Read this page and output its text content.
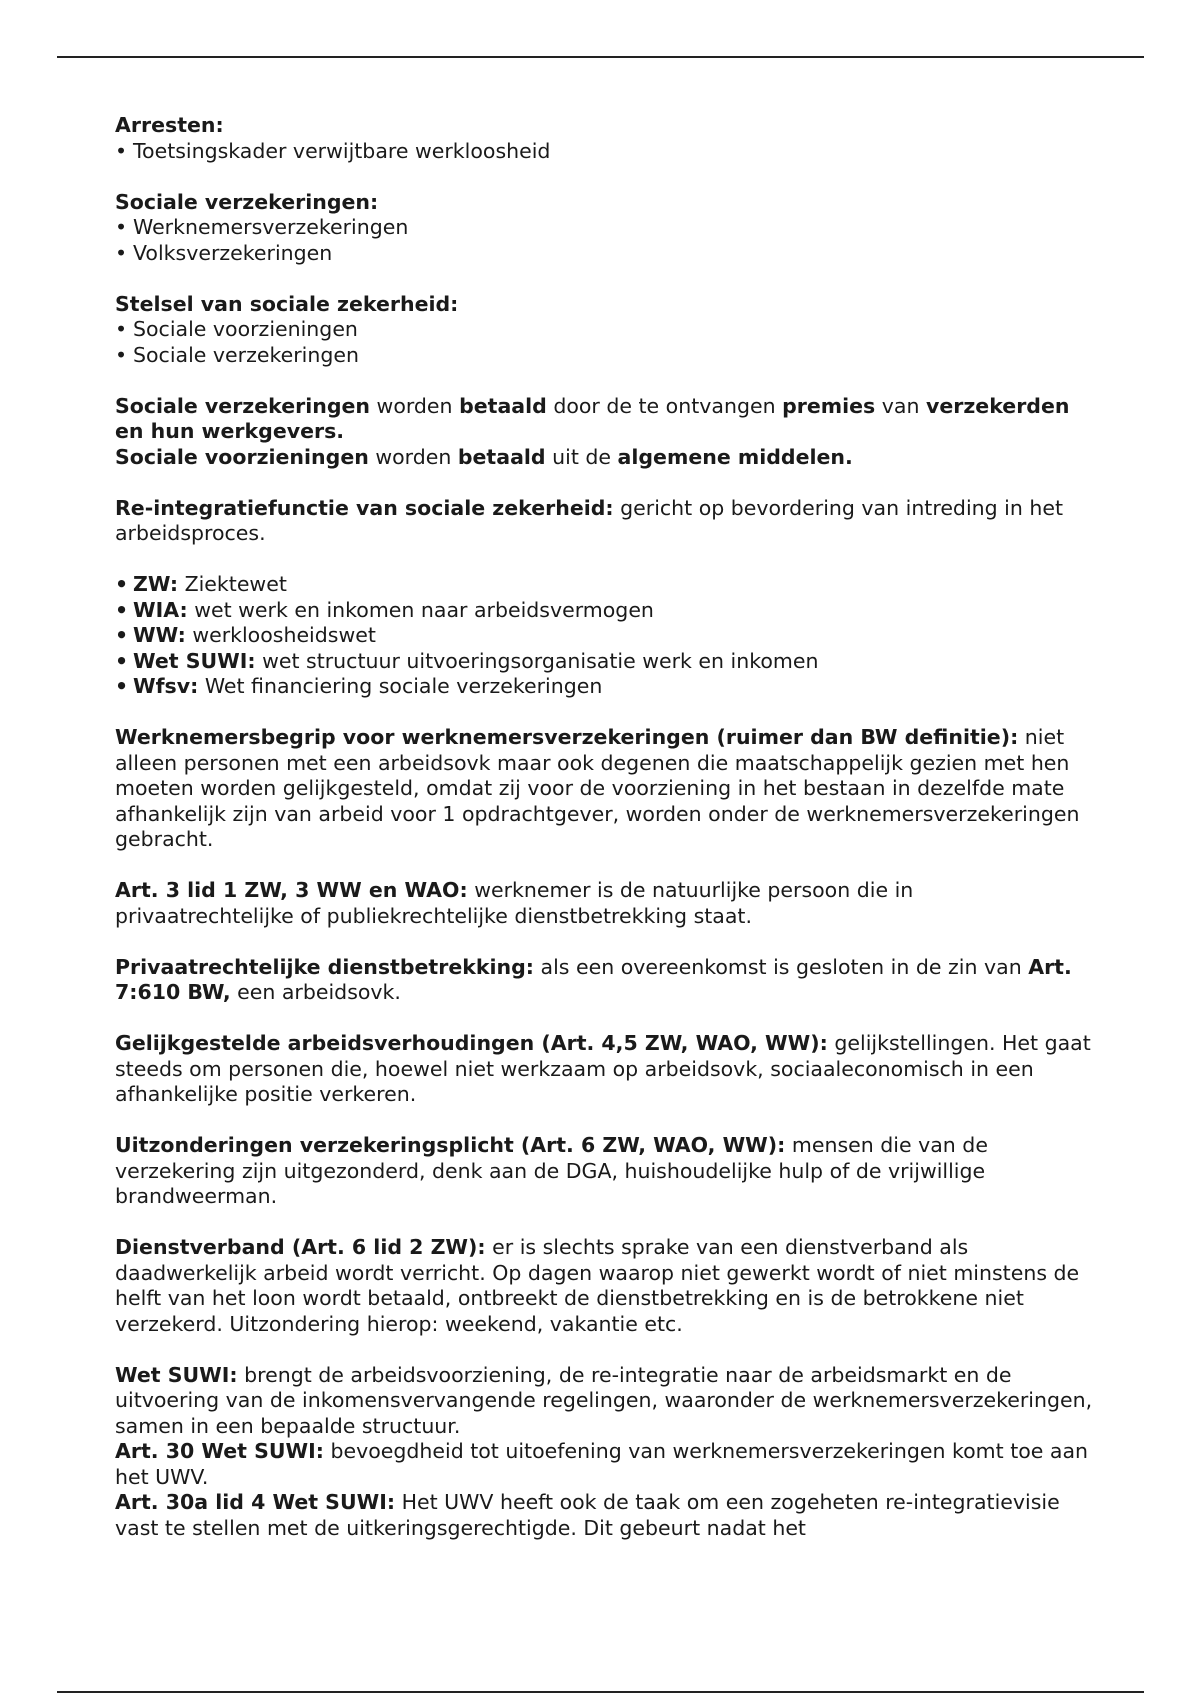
Arresten:

• Toetsingskader verwijtbare werkloosheid

Sociale verzekeringen:

• Werknemersverzekeringen
• Volksverzekeringen

Stelsel van sociale zekerheid:

• Sociale voorzieningen
• Sociale verzekeringen

Sociale verzekeringen worden betaald door de te ontvangen premies van verzekerden en hun werkgevers.

Sociale voorzieningen worden betaald uit de algemene middelen.

Re-integratiefunctie van sociale zekerheid: gericht op bevordering van intreding in het arbeidsproces.

• ZW: Ziektewet
• WIA: wet werk en inkomen naar arbeidsvermogen
• WW: werkloosheidswet
• Wet SUWI: wet structuur uitvoeringsorganisatie werk en inkomen
• Wfsv: Wet financiering sociale verzekeringen

Werknemersbegrip voor werknemersverzekeringen (ruimer dan BW definitie): niet alleen personen met een arbeidsovk maar ook degenen die maatschappelijk gezien met hen moeten worden gelijkgesteld, omdat zij voor de voorziening in het bestaan in dezelfde mate afhankelijk zijn van arbeid voor 1 opdrachtgever, worden onder de werknemersverzekeringen gebracht.

Art. 3 lid 1 ZW, 3 WW en WAO: werknemer is de natuurlijke persoon die in privaatrechtelijke of publiekrechtelijke dienstbetrekking staat.

Privaatrechtelijke dienstbetrekking: als een overeenkomst is gesloten in de zin van Art. 7:610 BW, een arbeidsovk.

Gelijkgestelde arbeidsverhoudingen (Art. 4,5 ZW, WAO, WW): gelijkstellingen. Het gaat steeds om personen die, hoewel niet werkzaam op arbeidsovk, sociaaleconomisch in een afhankelijke positie verkeren.

Uitzonderingen verzekeringsplicht (Art. 6 ZW, WAO, WW): mensen die van de verzekering zijn uitgezonderd, denk aan de DGA, huishoudelijke hulp of de vrijwillige brandweerman.

Dienstverband (Art. 6 lid 2 ZW): er is slechts sprake van een dienstverband als daadwerkelijk arbeid wordt verricht. Op dagen waarop niet gewerkt wordt of niet minstens de helft van het loon wordt betaald, ontbreekt de dienstbetrekking en is de betrokkene niet verzekerd. Uitzondering hierop: weekend, vakantie etc.

Wet SUWI: brengt de arbeidsvoorziening, de re-integratie naar de arbeidsmarkt en de uitvoering van de inkomensvervangende regelingen, waaronder de werknemersverzekeringen, samen in een bepaalde structuur.

Art. 30 Wet SUWI: bevoegdheid tot uitoefening van werknemersverzekeringen komt toe aan het UWV.

Art. 30a lid 4 Wet SUWI: Het UWV heeft ook de taak om een zogeheten re-integratievisie vast te stellen met de uitkeringsgerechtigde. Dit gebeurt nadat het
